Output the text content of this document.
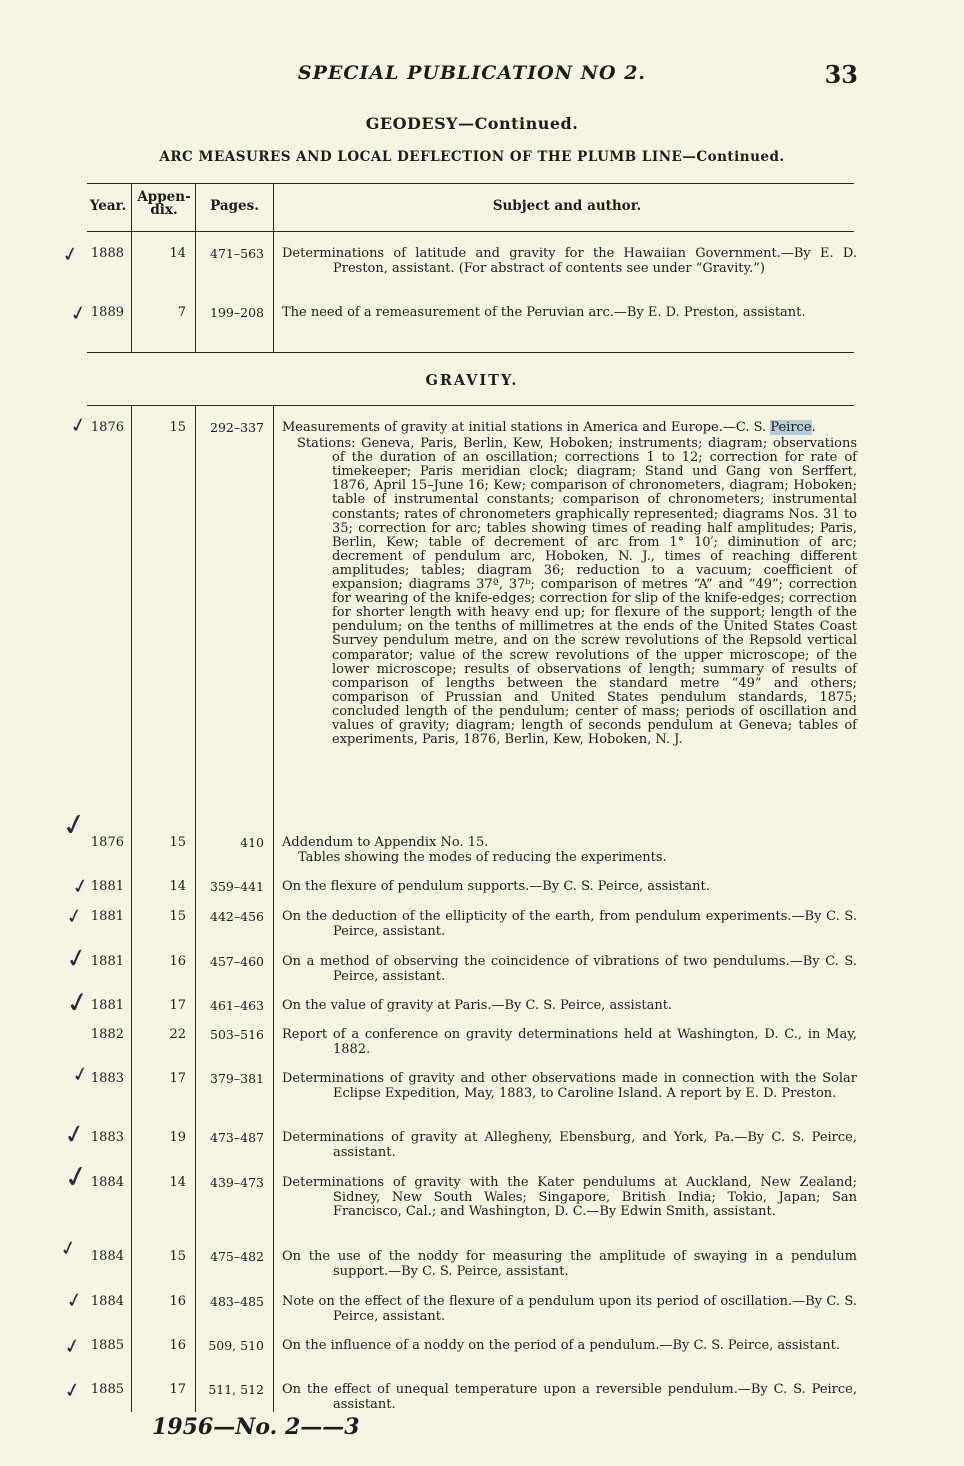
SPECIAL PUBLICATION NO 2.	33
GEODESY—Continued.
ARC MEASURES AND LOCAL DEFLECTION OF THE PLUMB LINE—Continued.
Year.
Appen-
dix.	Pages.	Subject and author.
1888	14	471–563 Determinations of latitude and gravity for the Hawaiian Government.—By E. D. Preston, assistant. (For abstract of contents see under “Gravity.”)
1889	7	199–208 The need of a remeasurement of the Peruvian arc.—By E. D. Preston, assistant.
GRAVITY.
1876	15	292–337 Measurements of gravity at initial stations in America and Europe.—C. S. Peirce.
Stations: Geneva, Paris, Berlin, Kew, Hoboken; instruments; diagram; observations of the duration of an oscillation; corrections 1 to 12; correction for rate of timekeeper; Paris meridian clock; diagram; Stand und Gang von Serffert, 1876, April 15–June 16; Kew; comparison of chronometers, diagram; Hoboken; table of instrumental constants; comparison of chronometers; instrumental constants; rates of chronometers graphically represented; diagrams Nos. 31 to 35; correction for arc; tables showing times of reading half amplitudes; Paris, Berlin, Kew; table of decrement of arc from 1° 10′; diminution of arc; decrement of pendulum arc, Hoboken, N. J., times of reaching different amplitudes; tables; diagram 36; reduction to a vacuum; coefficient of expansion; diagrams 37ª, 37ᵇ; comparison of metres “A” and “49”; correction for wearing of the knife-edges; correction for slip of the knife-edges; correction for shorter length with heavy end up; for flexure of the support; length of the pendulum; on the tenths of millimetres at the ends of the United States Coast Survey pendulum metre, and on the screw revolutions of the Repsold vertical comparator; value of the screw revolutions of the upper microscope; of the lower microscope; results of observations of length; summary of results of comparison of lengths between the standard metre “49” and others; comparison of Prussian and United States pendulum standards, 1875; concluded length of the pendulum; center of mass; periods of oscillation and values of gravity; diagram; length of seconds pendulum at Geneva; tables of experiments, Paris, 1876, Berlin, Kew, Hoboken, N. J.
1876	15	410 Addendum to Appendix No. 15.
Tables showing the modes of reducing the experiments.
1881	14	359–441 On the flexure of pendulum supports.—By C. S. Peirce, assistant.
1881	15	442–456 On the deduction of the ellipticity of the earth, from pendulum experiments.—By C. S. Peirce, assistant.
1881	16	457–460 On a method of observing the coincidence of vibrations of two pendulums.—By C. S. Peirce, assistant.
1881	17	461–463 On the value of gravity at Paris.—By C. S. Peirce, assistant.
1882	22	503–516 Report of a conference on gravity determinations held at Washington, D. C., in May, 1882.
1883	17	379–381 Determinations of gravity and other observations made in connection with the Solar Eclipse Expedition, May, 1883, to Caroline Island. A report by E. D. Preston.
1883	19	473–487 Determinations of gravity at Allegheny, Ebensburg, and York, Pa.—By C. S. Peirce, assistant.
1884	14	439–473 Determinations of gravity with the Kater pendulums at Auckland, New Zealand; Sidney, New South Wales; Singapore, British India; Tokio, Japan; San Francisco, Cal.; and Washington, D. C.—By Edwin Smith, assistant.
1884	15	475–482 On the use of the noddy for measuring the amplitude of swaying in a pendulum support.—By C. S. Peirce, assistant.
1884	16	483–485 Note on the effect of the flexure of a pendulum upon its period of oscillation.—By C. S. Peirce, assistant.
1885	16	509, 510 On the influence of a noddy on the period of a pendulum.—By C. S. Peirce, assistant.
1885	17	511, 512 On the effect of unequal temperature upon a reversible pendulum.—By C. S. Peirce, assistant.
✓
✓
✓
✓
✓
✓
✓
✓
✓
✓
✓
✓
✓
✓
✓
1956—No. 2——3
